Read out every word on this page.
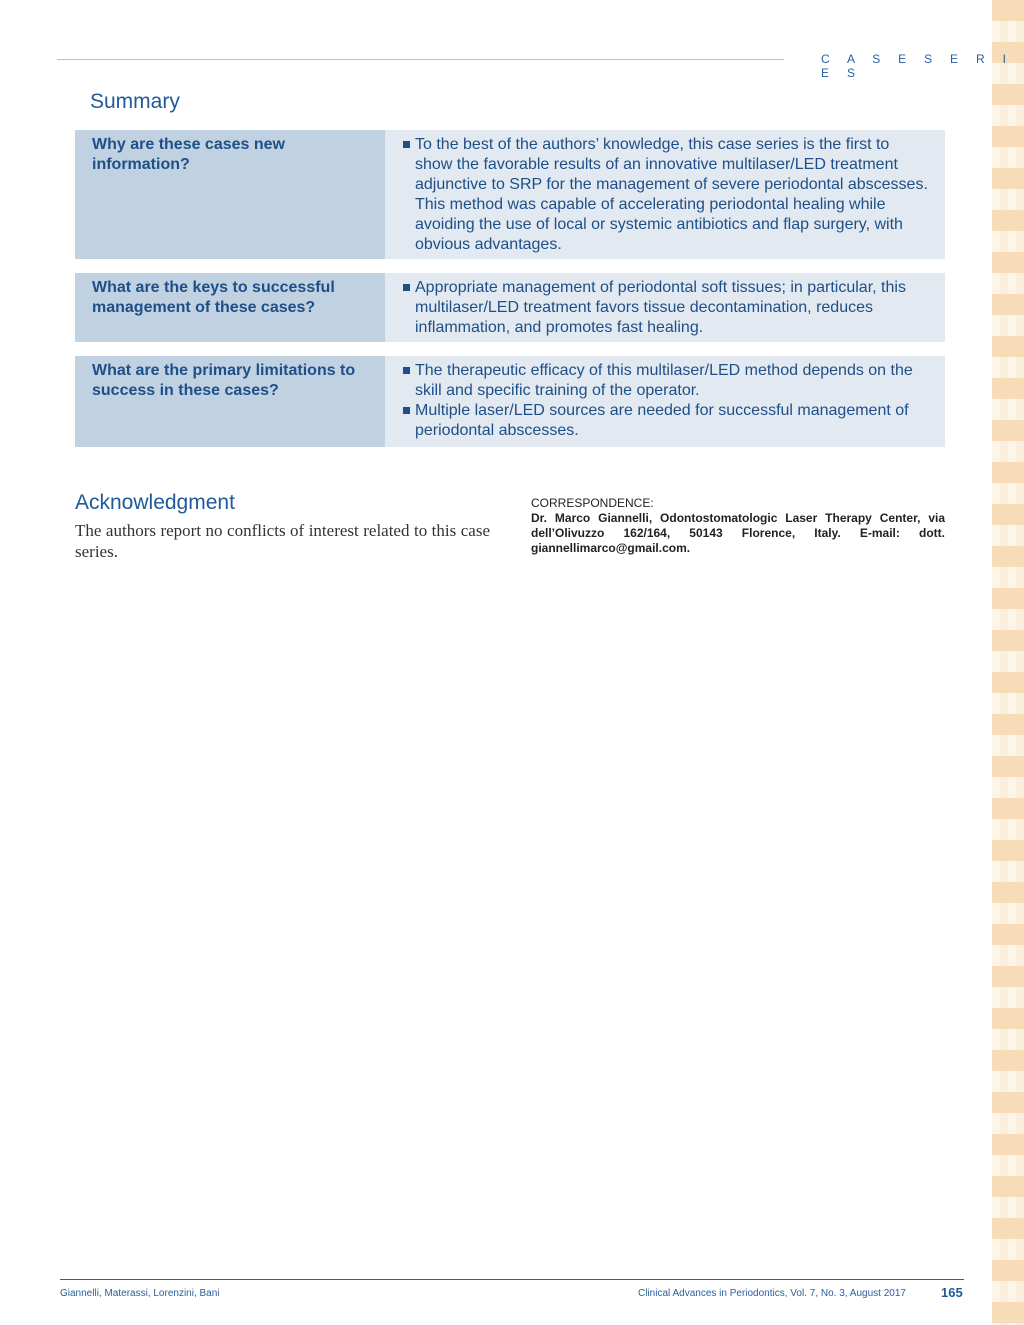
C A S E S E R I E S
Summary
Why are these cases new information?
To the best of the authors’ knowledge, this case series is the first to show the favorable results of an innovative multilaser/LED treatment adjunctive to SRP for the management of severe periodontal abscesses. This method was capable of accelerating periodontal healing while avoiding the use of local or systemic antibiotics and flap surgery, with obvious advantages.
What are the keys to successful management of these cases?
Appropriate management of periodontal soft tissues; in particular, this multilaser/LED treatment favors tissue decontamination, reduces inflammation, and promotes fast healing.
What are the primary limitations to success in these cases?
The therapeutic efficacy of this multilaser/LED method depends on the skill and specific training of the operator.
Multiple laser/LED sources are needed for successful management of periodontal abscesses.
Acknowledgment
The authors report no conflicts of interest related to this case series.
CORRESPONDENCE:
Dr. Marco Giannelli, Odontostomatologic Laser Therapy Center, via dell’Olivuzzo 162/164, 50143 Florence, Italy. E-mail: dott. giannellimarco@gmail.com.
Giannelli, Materassi, Lorenzini, Bani	Clinical Advances in Periodontics, Vol. 7, No. 3, August 2017	165
